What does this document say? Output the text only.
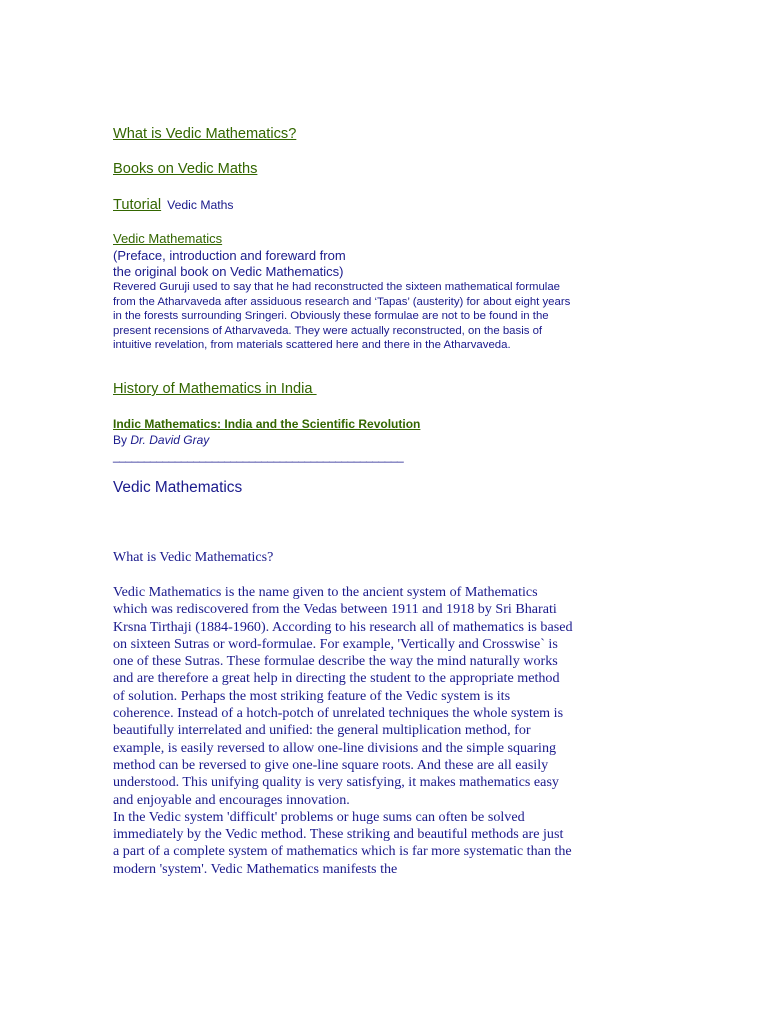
What is Vedic Mathematics?
Books on Vedic Maths
Tutorial Vedic Maths
Vedic Mathematics
(Preface, introduction and foreward from
the original book on Vedic Mathematics)
Revered Guruji used to say that he had reconstructed the sixteen mathematical formulae from the Atharvaveda after assiduous research and ‘Tapas’ (austerity) for about eight years in the forests surrounding Sringeri. Obviously these formulae are not to be found in the present recensions of Atharvaveda. They were actually reconstructed, on the basis of intuitive revelation, from materials scattered here and there in the Atharvaveda.
History of Mathematics in India
Indic Mathematics: India and the Scientific Revolution
By Dr. David Gray
_______________________________________________
Vedic Mathematics
What is Vedic Mathematics?

Vedic Mathematics is the name given to the ancient system of Mathematics which was rediscovered from the Vedas between 1911 and 1918 by Sri Bharati Krsna Tirthaji (1884-1960). According to his research all of mathematics is based on sixteen Sutras or word-formulae. For example, 'Vertically and Crosswise` is one of these Sutras. These formulae describe the way the mind naturally works and are therefore a great help in directing the student to the appropriate method of solution. Perhaps the most striking feature of the Vedic system is its coherence. Instead of a hotch-potch of unrelated techniques the whole system is beautifully interrelated and unified: the general multiplication method, for example, is easily reversed to allow one-line divisions and the simple squaring method can be reversed to give one-line square roots. And these are all easily understood. This unifying quality is very satisfying, it makes mathematics easy and enjoyable and encourages innovation.
In the Vedic system 'difficult' problems or huge sums can often be solved immediately by the Vedic method. These striking and beautiful methods are just a part of a complete system of mathematics which is far more systematic than the modern 'system'. Vedic Mathematics manifests the
